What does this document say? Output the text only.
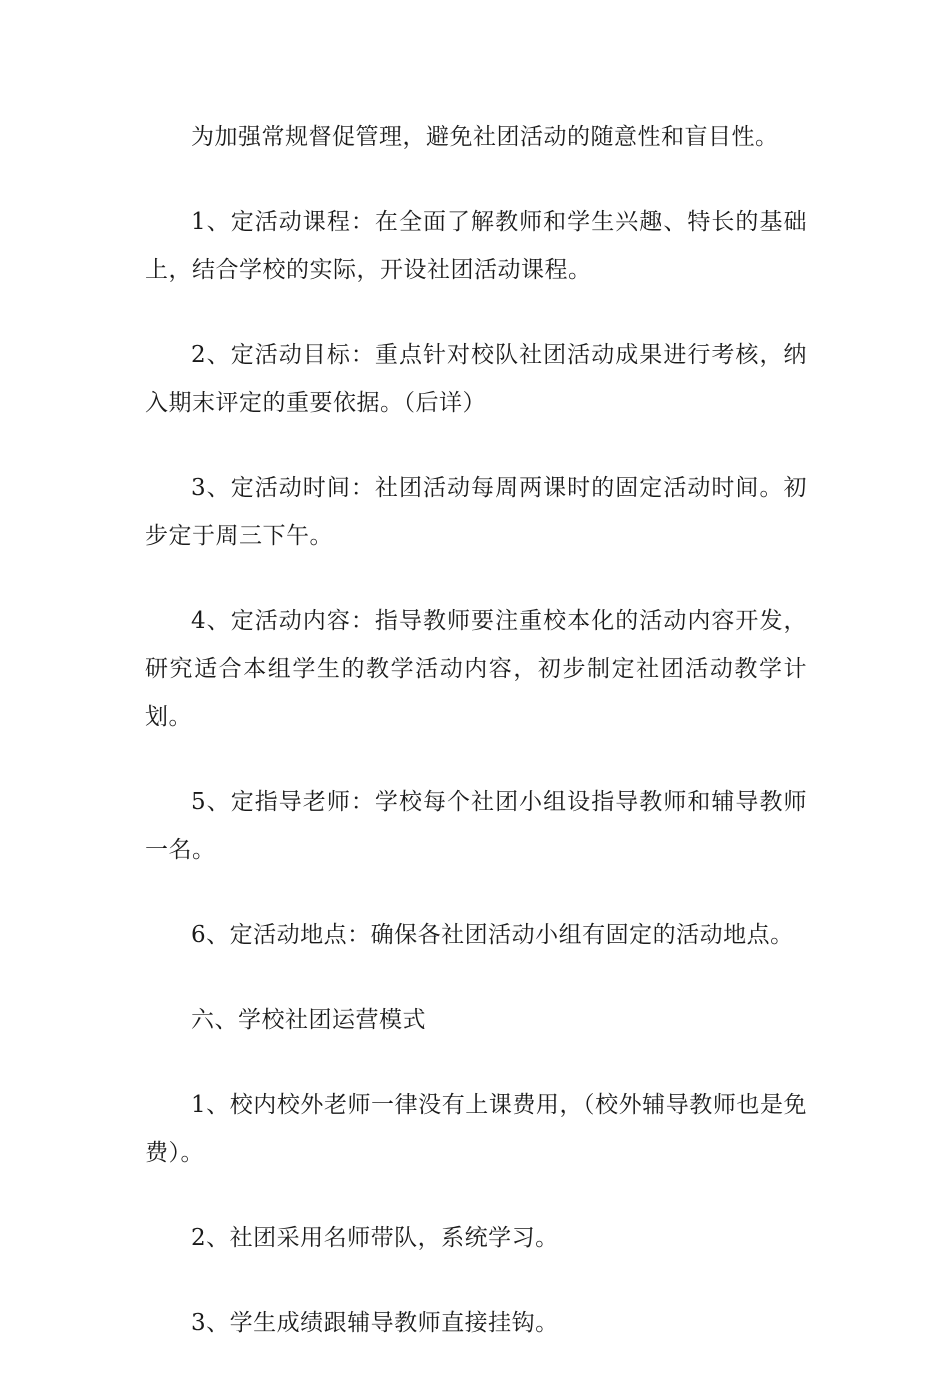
为加强常规督促管理，避免社团活动的随意性和盲目性。

1、定活动课程：在全面了解教师和学生兴趣、特长的基础上，结合学校的实际，开设社团活动课程。

2、定活动目标：重点针对校队社团活动成果进行考核，纳入期末评定的重要依据。（后详）

3、定活动时间：社团活动每周两课时的固定活动时间。初步定于周三下午。

4、定活动内容：指导教师要注重校本化的活动内容开发，研究适合本组学生的教学活动内容，初步制定社团活动教学计划。

5、定指导老师：学校每个社团小组设指导教师和辅导教师一名。

6、定活动地点：确保各社团活动小组有固定的活动地点。

六、学校社团运营模式

1、校内校外老师一律没有上课费用，（校外辅导教师也是免费）。

2、社团采用名师带队，系统学习。

3、学生成绩跟辅导教师直接挂钩。
